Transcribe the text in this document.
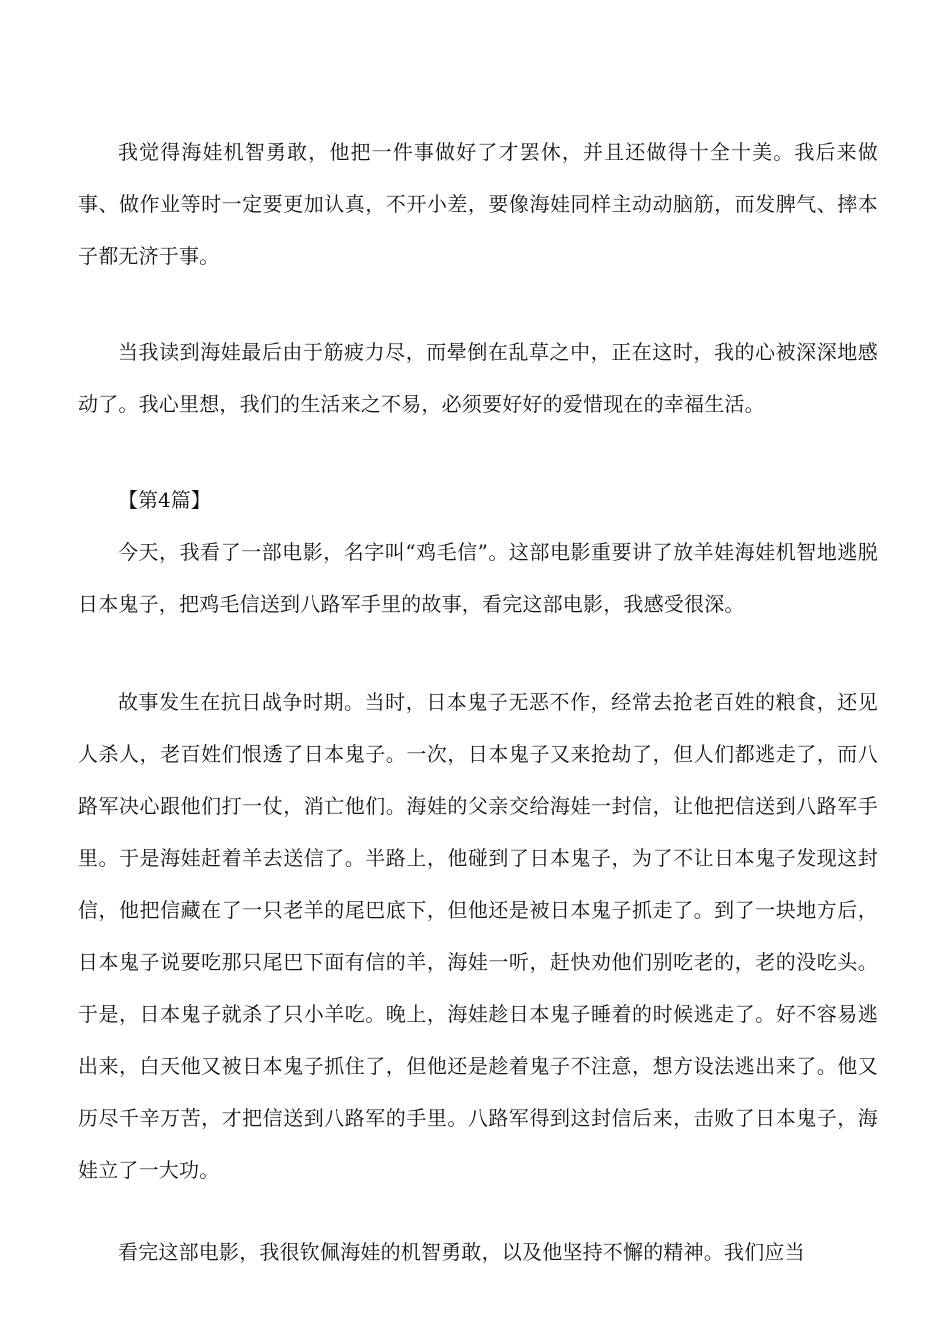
我觉得海娃机智勇敢，他把一件事做好了才罢休，并且还做得十全十美。我后来做事、做作业等时一定要更加认真，不开小差，要像海娃同样主动动脑筋，而发脾气、摔本子都无济于事。

当我读到海娃最后由于筋疲力尽，而晕倒在乱草之中，正在这时，我的心被深深地感动了。我心里想，我们的生活来之不易，必须要好好的爱惜现在的幸福生活。

【第4篇】

今天，我看了一部电影，名字叫“鸡毛信”。这部电影重要讲了放羊娃海娃机智地逃脱日本鬼子，把鸡毛信送到八路军手里的故事，看完这部电影，我感受很深。

故事发生在抗日战争时期。当时，日本鬼子无恶不作，经常去抢老百姓的粮食，还见人杀人，老百姓们恨透了日本鬼子。一次，日本鬼子又来抢劫了，但人们都逃走了，而八路军决心跟他们打一仗，消亡他们。海娃的父亲交给海娃一封信，让他把信送到八路军手里。于是海娃赶着羊去送信了。半路上，他碰到了日本鬼子，为了不让日本鬼子发现这封信，他把信藏在了一只老羊的尾巴底下，但他还是被日本鬼子抓走了。到了一块地方后，日本鬼子说要吃那只尾巴下面有信的羊，海娃一听，赶快劝他们别吃老的，老的没吃头。于是，日本鬼子就杀了只小羊吃。晚上，海娃趁日本鬼子睡着的时候逃走了。好不容易逃出来，白天他又被日本鬼子抓住了，但他还是趁着鬼子不注意，想方设法逃出来了。他又历尽千辛万苦，才把信送到八路军的手里。八路军得到这封信后来，击败了日本鬼子，海娃立了一大功。

看完这部电影，我很钦佩海娃的机智勇敢，以及他坚持不懈的精神。我们应当
